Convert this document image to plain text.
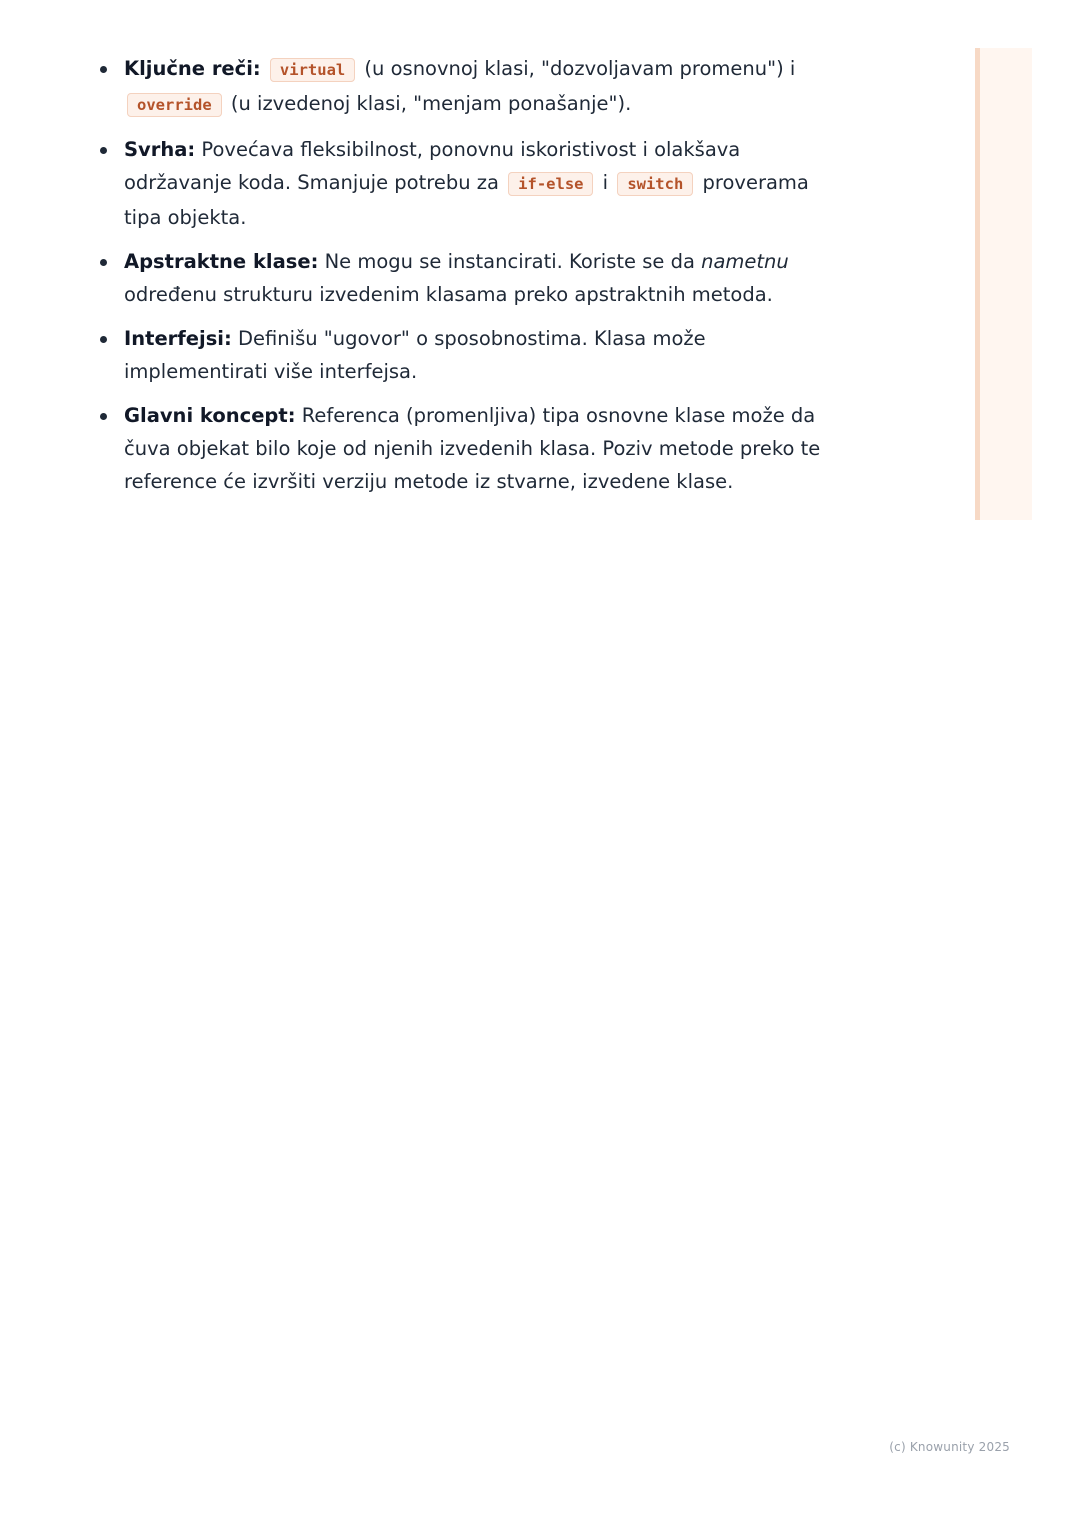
Ključne reči: virtual (u osnovnoj klasi, "dozvoljavam promenu") i override (u izvedenoj klasi, "menjam ponašanje").
Svrha: Povećava fleksibilnost, ponovnu iskoristivost i olakšava održavanje koda. Smanjuje potrebu za if-else i switch proverama tipa objekta.
Apstraktne klase: Ne mogu se instancirati. Koriste se da nametnu određenu strukturu izvedenim klasama preko apstraktnih metoda.
Interfejsi: Definišu "ugovor" o sposobnostima. Klasa može implementirati više interfejsa.
Glavni koncept: Referenca (promenljiva) tipa osnovne klase može da čuva objekat bilo koje od njenih izvedenih klasa. Poziv metode preko te reference će izvršiti verziju metode iz stvarne, izvedene klase.
(c) Knowunity 2025
